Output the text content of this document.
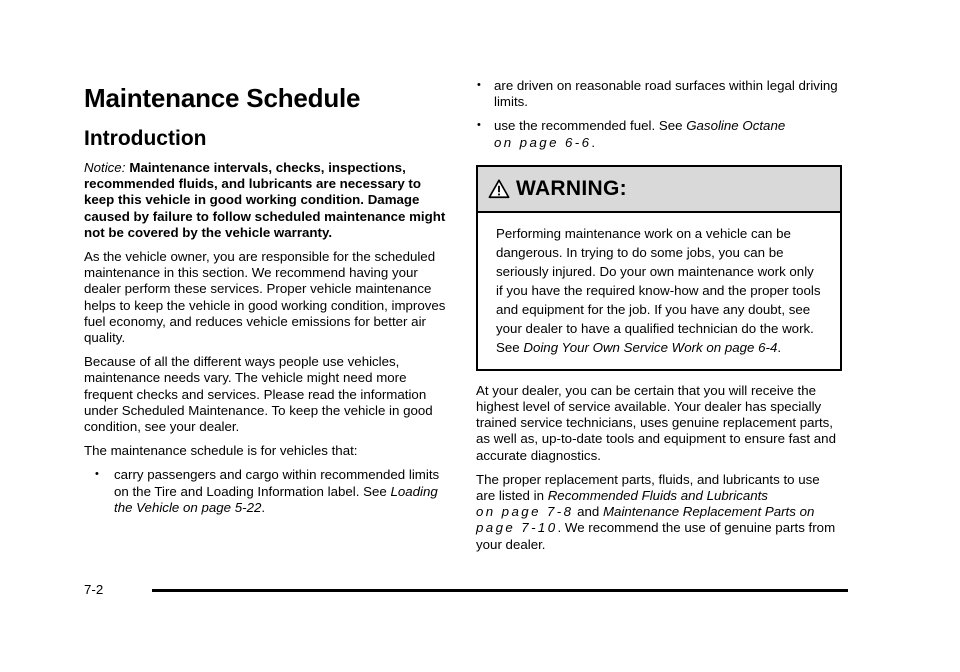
Maintenance Schedule
Introduction

Notice: Maintenance intervals, checks, inspections, recommended fluids, and lubricants are necessary to keep this vehicle in good working condition. Damage caused by failure to follow scheduled maintenance might not be covered by the vehicle warranty.

As the vehicle owner, you are responsible for the scheduled maintenance in this section. We recommend having your dealer perform these services. Proper vehicle maintenance helps to keep the vehicle in good working condition, improves fuel economy, and reduces vehicle emissions for better air quality.

Because of all the different ways people use vehicles, maintenance needs vary. The vehicle might need more frequent checks and services. Please read the information under Scheduled Maintenance. To keep the vehicle in good condition, see your dealer.

The maintenance schedule is for vehicles that:

• carry passengers and cargo within recommended limits on the Tire and Loading Information label. See Loading the Vehicle on page 5-22.
• are driven on reasonable road surfaces within legal driving limits.
• use the recommended fuel. See Gasoline Octane
on page 6-6.
WARNING:
Performing maintenance work on a vehicle can be dangerous. In trying to do some jobs, you can be seriously injured. Do your own maintenance work only if you have the required know-how and the proper tools and equipment for the job. If you have any doubt, see your dealer to have a qualified technician do the work. See Doing Your Own Service Work on page 6-4.

At your dealer, you can be certain that you will receive the highest level of service available. Your dealer has specially trained service technicians, uses genuine replacement parts, as well as, up-to-date tools and equipment to ensure fast and accurate diagnostics.

The proper replacement parts, fluids, and lubricants to use are listed in Recommended Fluids and Lubricants
on page 7-8 and Maintenance Replacement Parts on
page 7-10. We recommend the use of genuine parts from your dealer.

7-2
